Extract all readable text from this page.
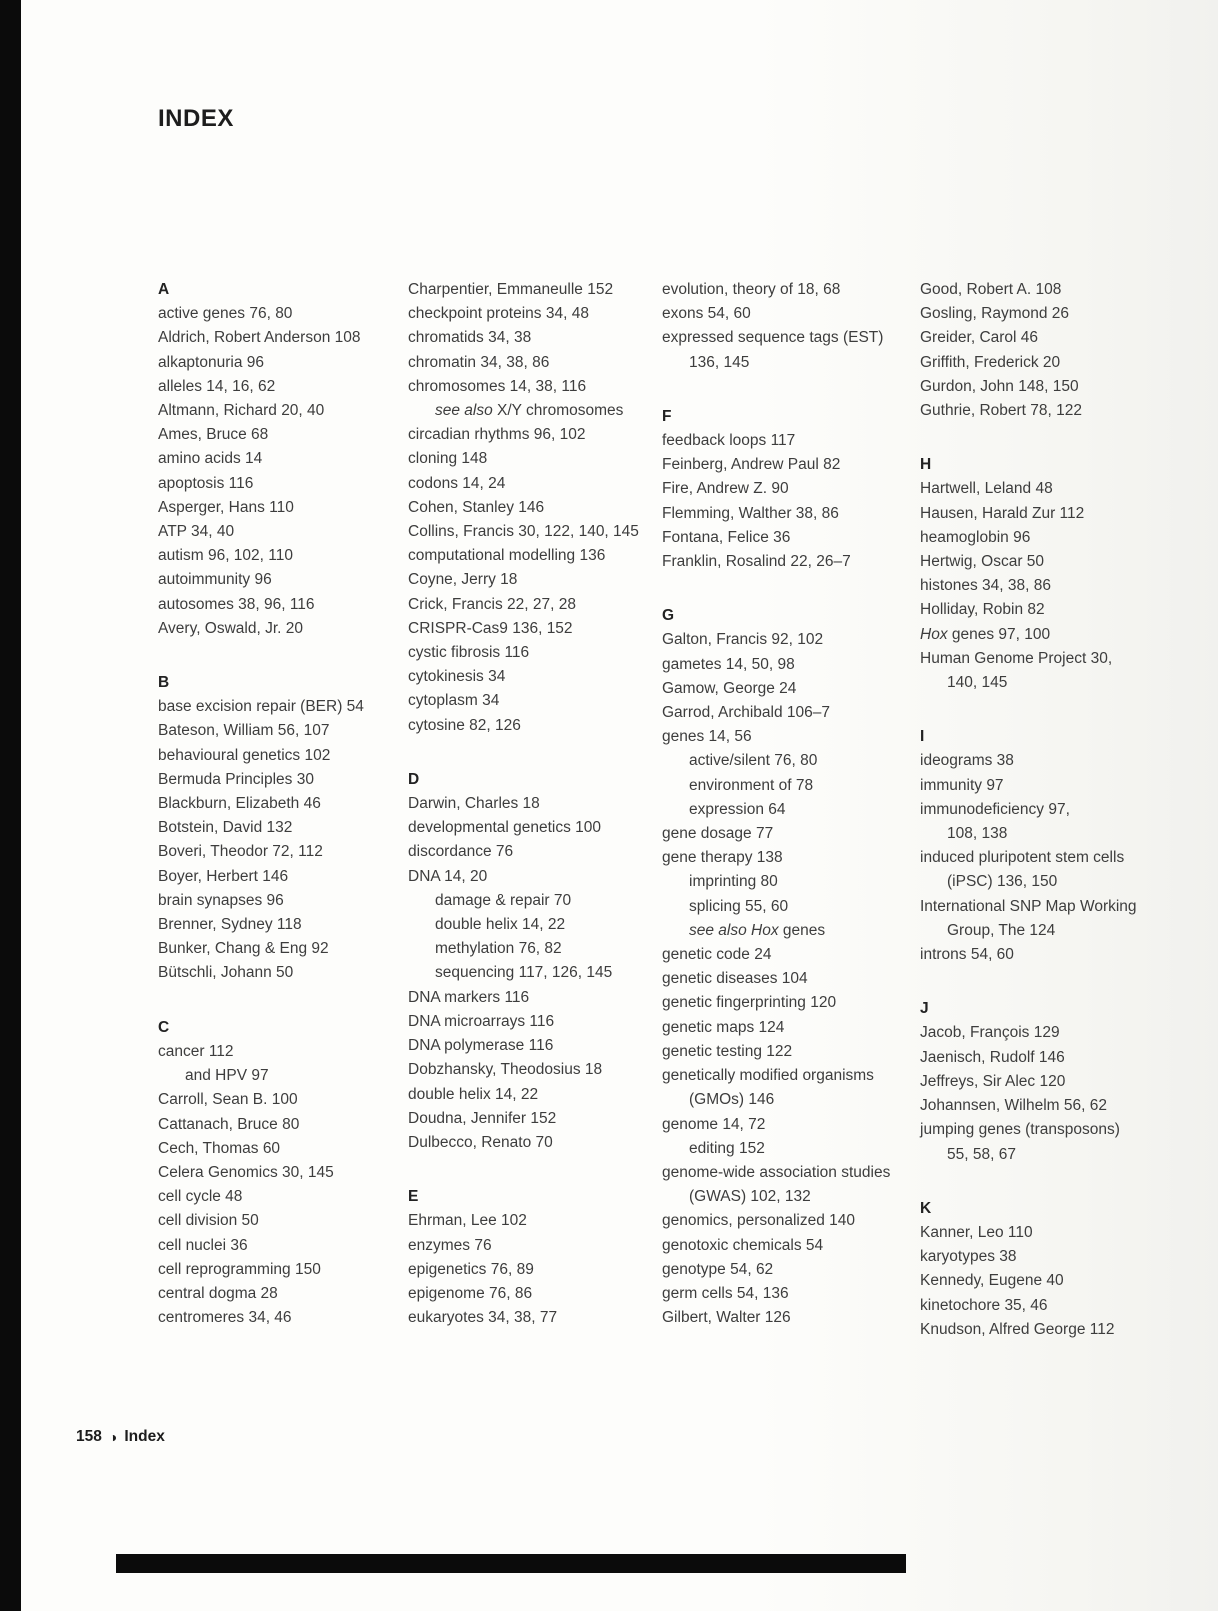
INDEX
A
active genes 76, 80
Aldrich, Robert Anderson 108
alkaptonuria 96
alleles 14, 16, 62
Altmann, Richard 20, 40
Ames, Bruce 68
amino acids 14
apoptosis 116
Asperger, Hans 110
ATP 34, 40
autism 96, 102, 110
autoimmunity 96
autosomes 38, 96, 116
Avery, Oswald, Jr. 20
B
base excision repair (BER) 54
Bateson, William 56, 107
behavioural genetics 102
Bermuda Principles 30
Blackburn, Elizabeth 46
Botstein, David 132
Boveri, Theodor 72, 112
Boyer, Herbert 146
brain synapses 96
Brenner, Sydney 118
Bunker, Chang & Eng 92
Bütschli, Johann 50
C
cancer 112
and HPV 97
Carroll, Sean B. 100
Cattanach, Bruce 80
Cech, Thomas 60
Celera Genomics 30, 145
cell cycle 48
cell division 50
cell nuclei 36
cell reprogramming 150
central dogma 28
centromeres 34, 46
Charpentier, Emmaneulle 152
checkpoint proteins 34, 48
chromatids 34, 38
chromatin 34, 38, 86
chromosomes 14, 38, 116
see also X/Y chromosomes
circadian rhythms 96, 102
cloning 148
codons 14, 24
Cohen, Stanley 146
Collins, Francis 30, 122, 140, 145
computational modelling 136
Coyne, Jerry 18
Crick, Francis 22, 27, 28
CRISPR-Cas9 136, 152
cystic fibrosis 116
cytokinesis 34
cytoplasm 34
cytosine 82, 126
D
Darwin, Charles 18
developmental genetics 100
discordance 76
DNA 14, 20
damage & repair 70
double helix 14, 22
methylation 76, 82
sequencing 117, 126, 145
DNA markers 116
DNA microarrays 116
DNA polymerase 116
Dobzhansky, Theodosius 18
double helix 14, 22
Doudna, Jennifer 152
Dulbecco, Renato 70
E
Ehrman, Lee 102
enzymes 76
epigenetics 76, 89
epigenome 76, 86
eukaryotes 34, 38, 77
evolution, theory of 18, 68
exons 54, 60
expressed sequence tags (EST)
136, 145
F
feedback loops 117
Feinberg, Andrew Paul 82
Fire, Andrew Z. 90
Flemming, Walther 38, 86
Fontana, Felice 36
Franklin, Rosalind 22, 26–7
G
Galton, Francis 92, 102
gametes 14, 50, 98
Gamow, George 24
Garrod, Archibald 106–7
genes 14, 56
active/silent 76, 80
environment of 78
expression 64
gene dosage 77
gene therapy 138
imprinting 80
splicing 55, 60
see also Hox genes
genetic code 24
genetic diseases 104
genetic fingerprinting 120
genetic maps 124
genetic testing 122
genetically modified organisms
(GMOs) 146
genome 14, 72
editing 152
genome-wide association studies
(GWAS) 102, 132
genomics, personalized 140
genotoxic chemicals 54
genotype 54, 62
germ cells 54, 136
Gilbert, Walter 126
Good, Robert A. 108
Gosling, Raymond 26
Greider, Carol 46
Griffith, Frederick 20
Gurdon, John 148, 150
Guthrie, Robert 78, 122
H
Hartwell, Leland 48
Hausen, Harald Zur 112
heamoglobin 96
Hertwig, Oscar 50
histones 34, 38, 86
Holliday, Robin 82
Hox genes 97, 100
Human Genome Project 30,
140, 145
I
ideograms 38
immunity 97
immunodeficiency 97,
108, 138
induced pluripotent stem cells
(iPSC) 136, 150
International SNP Map Working
Group, The 124
introns 54, 60
J
Jacob, François 129
Jaenisch, Rudolf 146
Jeffreys, Sir Alec 120
Johannsen, Wilhelm 56, 62
jumping genes (transposons)
55, 58, 67
K
Kanner, Leo 110
karyotypes 38
Kennedy, Eugene 40
kinetochore 35, 46
Knudson, Alfred George 112
158 ◑ Index
